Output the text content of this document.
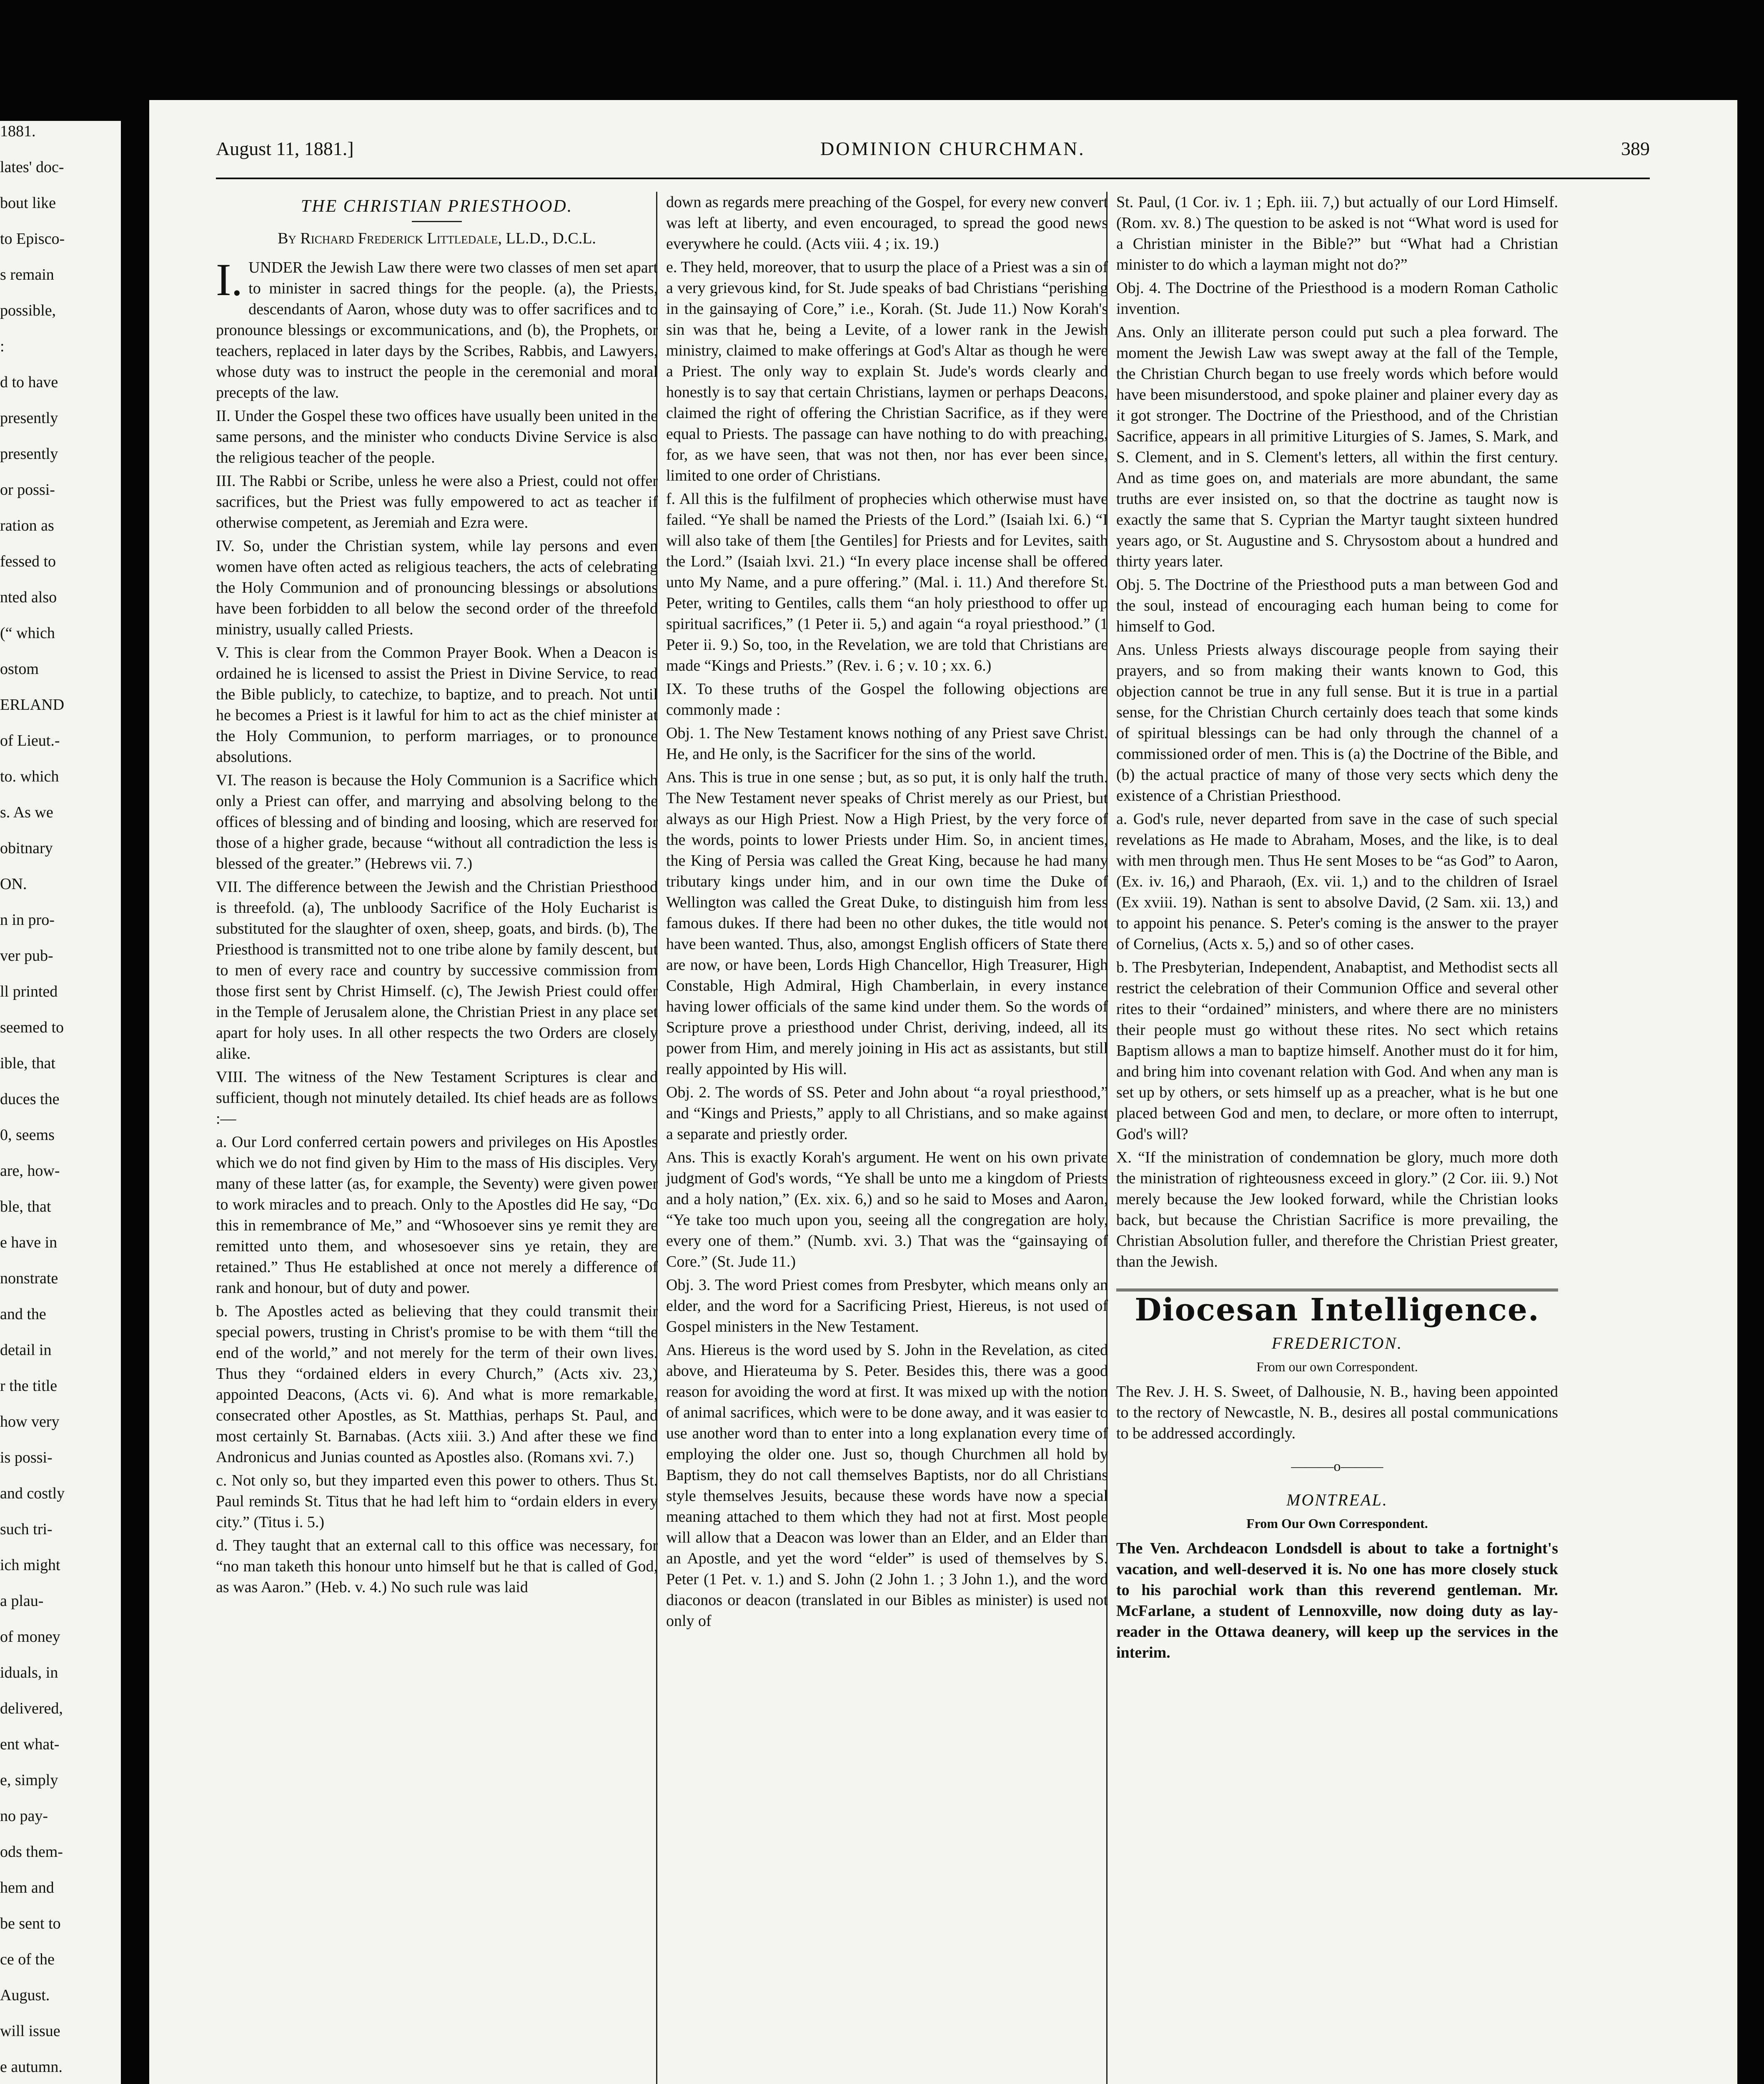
1881.
lates' doc-
bout like
to Episco-
s remain
possible,
:
d to have
presently
presently
or possi-
ration as
fessed to
nted also
(“ which
ostom
ERLAND
of Lieut.-
to. which
s. As we
obitnary
ON.
n in pro-
ver pub-
ll printed
seemed to
ible, that
duces the
0, seems
are, how-
ble, that
e have in
nonstrate
and the
detail in
r the title
how very
is possi-
and costly
such tri-
ich might
a plau-
of money
iduals, in
delivered,
ent what-
e, simply
no pay-
ods them-
hem and
be sent to
ce of the
August.
will issue
e autumn.
August 11, 1881.]	DOMINION CHURCHMAN.	389
THE CHRISTIAN PRIESTHOOD.
By Richard Frederick Littledale, LL.D., D.C.L.
I. UNDER the Jewish Law there were two classes of men set apart to minister in sacred things for the people. (a), the Priests, descendants of Aaron, whose duty was to offer sacrifices and to pronounce blessings or excommunications, and (b), the Prophets, or teachers, replaced in later days by the Scribes, Rabbis, and Lawyers, whose duty was to instruct the people in the ceremonial and moral precepts of the law.

II. Under the Gospel these two offices have usually been united in the same persons, and the minister who conducts Divine Service is also the religious teacher of the people.

III. The Rabbi or Scribe, unless he were also a Priest, could not offer sacrifices, but the Priest was fully empowered to act as teacher if otherwise competent, as Jeremiah and Ezra were.

IV. So, under the Christian system, while lay persons and even women have often acted as religious teachers, the acts of celebrating the Holy Communion and of pronouncing blessings or absolutions have been forbidden to all below the second order of the threefold ministry, usually called Priests.

V. This is clear from the Common Prayer Book. When a Deacon is ordained he is licensed to assist the Priest in Divine Service, to read the Bible publicly, to catechize, to baptize, and to preach. Not until he becomes a Priest is it lawful for him to act as the chief minister at the Holy Communion, to perform marriages, or to pronounce absolutions.

VI. The reason is because the Holy Communion is a Sacrifice which only a Priest can offer, and marrying and absolving belong to the offices of blessing and of binding and loosing, which are reserved for those of a higher grade, because “without all contradiction the less is blessed of the greater.” (Hebrews vii. 7.)

VII. The difference between the Jewish and the Christian Priesthood is threefold. (a), The unbloody Sacrifice of the Holy Eucharist is substituted for the slaughter of oxen, sheep, goats, and birds. (b), The Priesthood is transmitted not to one tribe alone by family descent, but to men of every race and country by successive commission from those first sent by Christ Himself. (c), The Jewish Priest could offer in the Temple of Jerusalem alone, the Christian Priest in any place set apart for holy uses. In all other respects the two Orders are closely alike.

VIII. The witness of the New Testament Scriptures is clear and sufficient, though not minutely detailed. Its chief heads are as follows :—

a. Our Lord conferred certain powers and privileges on His Apostles which we do not find given by Him to the mass of His disciples. Very many of these latter (as, for example, the Seventy) were given power to work miracles and to preach. Only to the Apostles did He say, “Do this in remembrance of Me,” and “Whosoever sins ye remit they are remitted unto them, and whosesoever sins ye retain, they are retained.” Thus He established at once not merely a difference of rank and honour, but of duty and power.

b. The Apostles acted as believing that they could transmit their special powers, trusting in Christ's promise to be with them “till the end of the world,” and not merely for the term of their own lives. Thus they “ordained elders in every Church,” (Acts xiv. 23,) appointed Deacons, (Acts vi. 6). And what is more remarkable, consecrated other Apostles, as St. Matthias, perhaps St. Paul, and most certainly St. Barnabas. (Acts xiii. 3.) And after these we find Andronicus and Junias counted as Apostles also. (Romans xvi. 7.)

c. Not only so, but they imparted even this power to others. Thus St. Paul reminds St. Titus that he had left him to “ordain elders in every city.” (Titus i. 5.)

d. They taught that an external call to this office was necessary, for “no man taketh this honour unto himself but he that is called of God, as was Aaron.” (Heb. v. 4.) No such rule was laid

down as regards mere preaching of the Gospel, for every new convert was left at liberty, and even encouraged, to spread the good news everywhere he could. (Acts viii. 4 ; ix. 19.)

e. They held, moreover, that to usurp the place of a Priest was a sin of a very grievous kind, for St. Jude speaks of bad Christians “perishing in the gainsaying of Core,” i.e., Korah. (St. Jude 11.) Now Korah's sin was that he, being a Levite, of a lower rank in the Jewish ministry, claimed to make offerings at God's Altar as though he were a Priest. The only way to explain St. Jude's words clearly and honestly is to say that certain Christians, laymen or perhaps Deacons, claimed the right of offering the Christian Sacrifice, as if they were equal to Priests. The passage can have nothing to do with preaching, for, as we have seen, that was not then, nor has ever been since, limited to one order of Christians.

f. All this is the fulfilment of prophecies which otherwise must have failed. “Ye shall be named the Priests of the Lord.” (Isaiah lxi. 6.) “I will also take of them [the Gentiles] for Priests and for Levites, saith the Lord.” (Isaiah lxvi. 21.) “In every place incense shall be offered unto My Name, and a pure offering.” (Mal. i. 11.) And therefore St. Peter, writing to Gentiles, calls them “an holy priesthood to offer up spiritual sacrifices,” (1 Peter ii. 5,) and again “a royal priesthood.” (1 Peter ii. 9.) So, too, in the Revelation, we are told that Christians are made “Kings and Priests.” (Rev. i. 6 ; v. 10 ; xx. 6.)

IX. To these truths of the Gospel the following objections are commonly made :

Obj. 1. The New Testament knows nothing of any Priest save Christ. He, and He only, is the Sacrificer for the sins of the world.

Ans. This is true in one sense ; but, as so put, it is only half the truth. The New Testament never speaks of Christ merely as our Priest, but always as our High Priest. Now a High Priest, by the very force of the words, points to lower Priests under Him. So, in ancient times, the King of Persia was called the Great King, because he had many tributary kings under him, and in our own time the Duke of Wellington was called the Great Duke, to distinguish him from less famous dukes. If there had been no other dukes, the title would not have been wanted. Thus, also, amongst English officers of State there are now, or have been, Lords High Chancellor, High Treasurer, High Constable, High Admiral, High Chamberlain, in every instance having lower officials of the same kind under them. So the words of Scripture prove a priesthood under Christ, deriving, indeed, all its power from Him, and merely joining in His act as assistants, but still really appointed by His will.

Obj. 2. The words of SS. Peter and John about “a royal priesthood,” and “Kings and Priests,” apply to all Christians, and so make against a separate and priestly order.

Ans. This is exactly Korah's argument. He went on his own private judgment of God's words, “Ye shall be unto me a kingdom of Priests and a holy nation,” (Ex. xix. 6,) and so he said to Moses and Aaron, “Ye take too much upon you, seeing all the congregation are holy, every one of them.” (Numb. xvi. 3.) That was the “gainsaying of Core.” (St. Jude 11.)

Obj. 3. The word Priest comes from Presbyter, which means only an elder, and the word for a Sacrificing Priest, Hiereus, is not used of Gospel ministers in the New Testament.

Ans. Hiereus is the word used by S. John in the Revelation, as cited above, and Hierateuma by S. Peter. Besides this, there was a good reason for avoiding the word at first. It was mixed up with the notion of animal sacrifices, which were to be done away, and it was easier to use another word than to enter into a long explanation every time of employing the older one. Just so, though Churchmen all hold by Baptism, they do not call themselves Baptists, nor do all Christians style themselves Jesuits, because these words have now a special meaning attached to them which they had not at first. Most people will allow that a Deacon was lower than an Elder, and an Elder than an Apostle, and yet the word “elder” is used of themselves by S. Peter (1 Pet. v. 1.) and S. John (2 John 1. ; 3 John 1.), and the word diaconos or deacon (translated in our Bibles as minister) is used not only of

St. Paul, (1 Cor. iv. 1 ; Eph. iii. 7,) but actually of our Lord Himself. (Rom. xv. 8.) The question to be asked is not “What word is used for a Christian minister in the Bible?” but “What had a Christian minister to do which a layman might not do?”

Obj. 4. The Doctrine of the Priesthood is a modern Roman Catholic invention.

Ans. Only an illiterate person could put such a plea forward. The moment the Jewish Law was swept away at the fall of the Temple, the Christian Church began to use freely words which before would have been misunderstood, and spoke plainer and plainer every day as it got stronger. The Doctrine of the Priesthood, and of the Christian Sacrifice, appears in all primitive Liturgies of S. James, S. Mark, and S. Clement, and in S. Clement's letters, all within the first century. And as time goes on, and materials are more abundant, the same truths are ever insisted on, so that the doctrine as taught now is exactly the same that S. Cyprian the Martyr taught sixteen hundred years ago, or St. Augustine and S. Chrysostom about a hundred and thirty years later.

Obj. 5. The Doctrine of the Priesthood puts a man between God and the soul, instead of encouraging each human being to come for himself to God.

Ans. Unless Priests always discourage people from saying their prayers, and so from making their wants known to God, this objection cannot be true in any full sense. But it is true in a partial sense, for the Christian Church certainly does teach that some kinds of spiritual blessings can be had only through the channel of a commissioned order of men. This is (a) the Doctrine of the Bible, and (b) the actual practice of many of those very sects which deny the existence of a Christian Priesthood.

a. God's rule, never departed from save in the case of such special revelations as He made to Abraham, Moses, and the like, is to deal with men through men. Thus He sent Moses to be “as God” to Aaron, (Ex. iv. 16,) and Pharaoh, (Ex. vii. 1,) and to the children of Israel (Ex xviii. 19). Nathan is sent to absolve David, (2 Sam. xii. 13,) and to appoint his penance. S. Peter's coming is the answer to the prayer of Cornelius, (Acts x. 5,) and so of other cases.

b. The Presbyterian, Independent, Anabaptist, and Methodist sects all restrict the celebration of their Communion Office and several other rites to their “ordained” ministers, and where there are no ministers their people must go without these rites. No sect which retains Baptism allows a man to baptize himself. Another must do it for him, and bring him into covenant relation with God. And when any man is set up by others, or sets himself up as a preacher, what is he but one placed between God and men, to declare, or more often to interrupt, God's will?

X. “If the ministration of condemnation be glory, much more doth the ministration of righteousness exceed in glory.” (2 Cor. iii. 9.) Not merely because the Jew looked forward, while the Christian looks back, but because the Christian Sacrifice is more prevailing, the Christian Absolution fuller, and therefore the Christian Priest greater, than the Jewish.

Diocesan Intelligence.
FREDERICTON.
From our own Correspondent.

The Rev. J. H. S. Sweet, of Dalhousie, N. B., having been appointed to the rectory of Newcastle, N. B., desires all postal communications to be addressed accordingly.

———o———
MONTREAL.
From Our Own Correspondent.

The Ven. Archdeacon Londsdell is about to take a fortnight's vacation, and well-deserved it is. No one has more closely stuck to his parochial work than this reverend gentleman. Mr. McFarlane, a student of Lennoxville, now doing duty as lay-reader in the Ottawa deanery, will keep up the services in the interim.
